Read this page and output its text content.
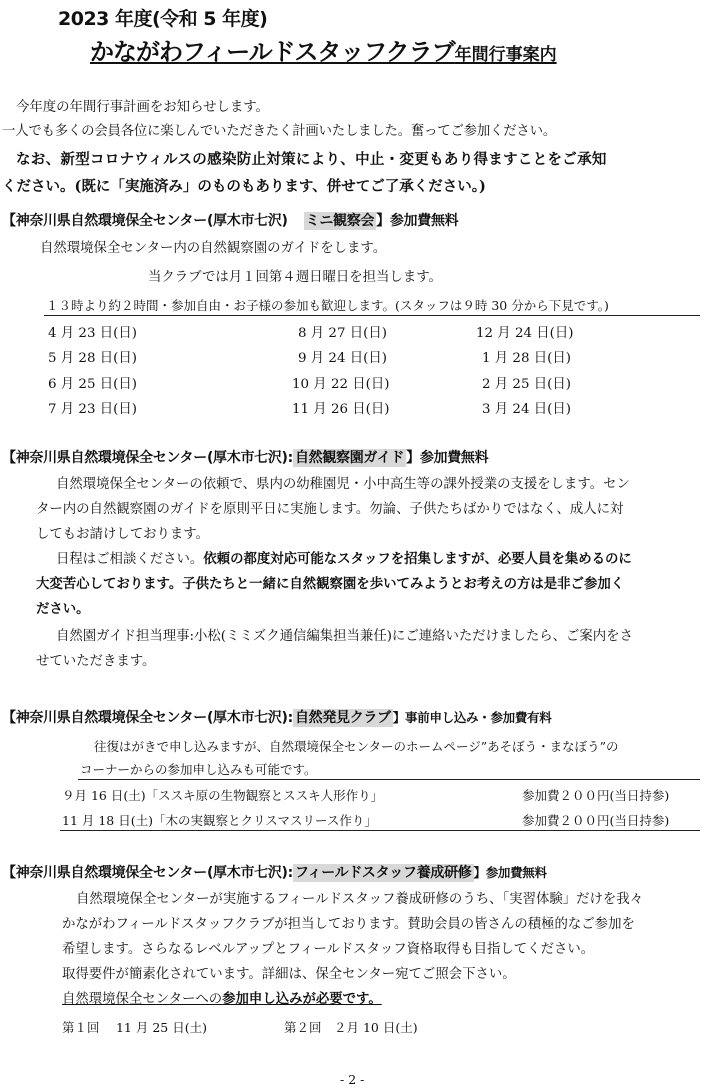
2023 年度(令和 5 年度)
かながわフィールドスタッフクラブ年間行事案内
今年度の年間行事計画をお知らせします。
一人でも多くの会員各位に楽しんでいただきたく計画いたしました。奮ってご参加ください。
なお、新型コロナウィルスの感染防止対策により、中止・変更もあり得ますことをご承知
ください。(既に「実施済み」のものもあります、併せてご了承ください。)
【神奈川県自然環境保全センター(厚木市七沢) ミニ観察会 】参加費無料
自然環境保全センター内の自然観察園のガイドをします。
当クラブでは月１回第４週日曜日を担当します。
１３時より約２時間・参加自由・お子様の参加も歓迎します。(スタッフは９時 30 分から下見です。)
4 月 23 日(日)	8 月 27 日(日)	12 月 24 日(日)
5 月 28 日(日)	9 月 24 日(日)	1 月 28 日(日)
6 月 25 日(日)	10 月 22 日(日)	2 月 25 日(日)
7 月 23 日(日)	11 月 26 日(日)	3 月 24 日(日)
【神奈川県自然環境保全センター(厚木市七沢): 自然観察園ガイド 】参加費無料
自然環境保全センターの依頼で、県内の幼稚園児・小中高生等の課外授業の支援をします。セン
ター内の自然観察園のガイドを原則平日に実施します。勿論、子供たちばかりではなく、成人に対
してもお請けしております。
日程はご相談ください。依頼の都度対応可能なスタッフを招集しますが、必要人員を集めるのに
大変苦心しております。子供たちと一緒に自然観察園を歩いてみようとお考えの方は是非ご参加く
ださい。
自然園ガイド担当理事:小松(ミミズク通信編集担当兼任)にご連絡いただけましたら、ご案内をさ
せていただきます。
【神奈川県自然環境保全センター(厚木市七沢): 自然発見クラブ 】事前申し込み・参加費有料
往復はがきで申し込みますが、自然環境保全センターのホームページ”あそぼう・まなぼう”の
コーナーからの参加申し込みも可能です。
９月 16 日(土)「ススキ原の生物観察とススキ人形作り」	参加費２００円(当日持参)
11 月 18 日(土)「木の実観察とクリスマスリース作り」	参加費２００円(当日持参)
【神奈川県自然環境保全センター(厚木市七沢): フィールドスタッフ養成研修 】参加費無料
自然環境保全センターが実施するフィールドスタッフ養成研修のうち、「実習体験」だけを我々
かながわフィールドスタッフクラブが担当しております。賛助会員の皆さんの積極的なご参加を
希望します。さらなるレベルアップとフィールドスタッフ資格取得も目指してください。
取得要件が簡素化されています。詳細は、保全センター宛てご照会下さい。
自然環境保全センターへの参加申し込みが必要です。
第１回　 11 月 25 日(土)	第２回　２月 10 日(土)
- 2 -
